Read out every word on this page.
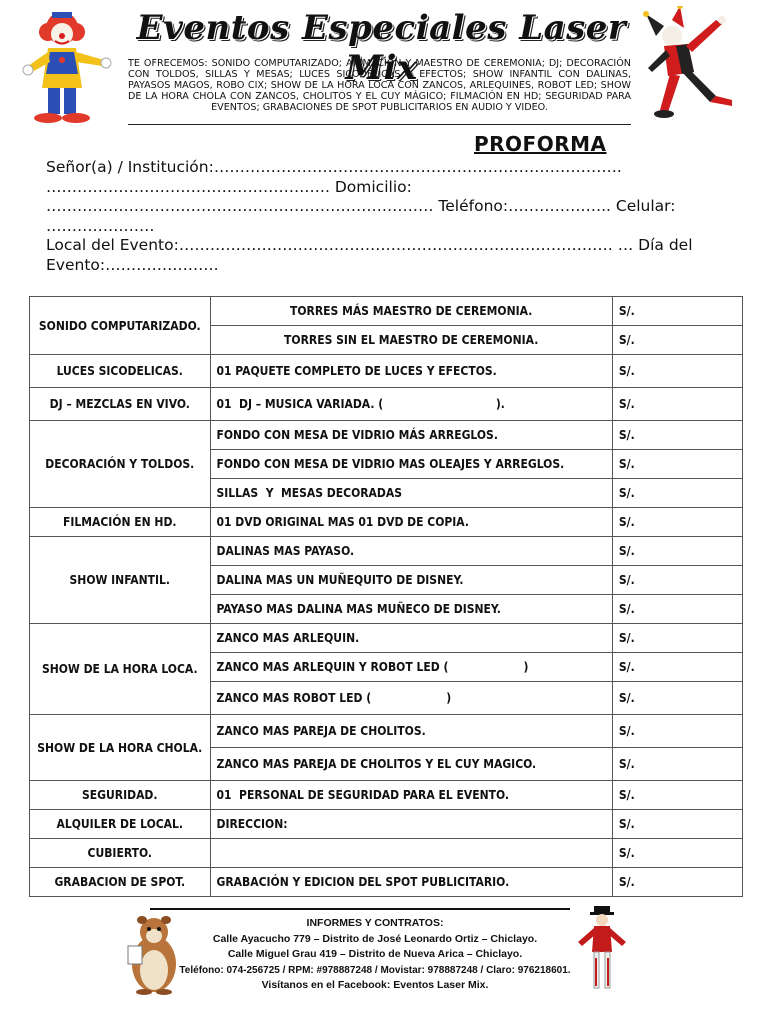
Eventos Especiales Laser Mix
TE OFRECEMOS: SONIDO COMPUTARIZADO; ANIMACIÓN Y MAESTRO DE CEREMONIA; DJ; DECORACIÓN CON TOLDOS, SILLAS Y MESAS; LUCES SICODÉLICAS Y EFECTOS; SHOW INFANTIL CON DALINAS, PAYASOS MAGOS, ROBO CIX; SHOW DE LA HORA LOCA CON ZANCOS, ARLEQUINES, ROBOT LED; SHOW DE LA HORA CHOLA CON ZANCOS, CHOLITOS Y EL CUY MÁGICO; FILMACIÓN EN HD; SEGURIDAD PARA EVENTOS; GRABACIONES DE SPOT PUBLICITARIOS EN AUDIO Y VIDEO.
PROFORMA
Señor(a) / Institución:…………………………………………………………………….
………………………………………………. Domicilio:
………………………………………………………………… Teléfono:……………….. Celular:
…………………
Local del Evento:………………………………………………………………………… … Día del
Evento:………………….
SONIDO COMPUTARIZADO.	TORRES MÁS MAESTRO DE CEREMONIA.	S/.
	TORRES SIN EL MAESTRO DE CEREMONIA.	S/.
LUCES SICODELICAS.	01 PAQUETE COMPLETO DE LUCES Y EFECTOS.	S/.
DJ – MEZCLAS EN VIVO.	01  DJ – MUSICA VARIADA. (                              ).	S/.
DECORACIÓN Y TOLDOS.	FONDO CON MESA DE VIDRIO MÁS ARREGLOS.	S/.
	FONDO CON MESA DE VIDRIO MAS OLEAJES Y ARREGLOS.	S/.
	SILLAS  Y  MESAS DECORADAS	S/.
FILMACIÓN EN HD.	01 DVD ORIGINAL MAS 01 DVD DE COPIA.	S/.
SHOW INFANTIL.	DALINAS MAS PAYASO.	S/.
	DALINA MAS UN MUÑEQUITO DE DISNEY.	S/.
	PAYASO MAS DALINA MAS MUÑECO DE DISNEY.	S/.
SHOW DE LA HORA LOCA.	ZANCO MAS ARLEQUIN.	S/.
	ZANCO MAS ARLEQUIN Y ROBOT LED (                    )	S/.
	ZANCO MAS ROBOT LED (                    )	S/.
SHOW DE LA HORA CHOLA.	ZANCO MAS PAREJA DE CHOLITOS.	S/.
	ZANCO MAS PAREJA DE CHOLITOS Y EL CUY MAGICO.	S/.
SEGURIDAD.	01  PERSONAL DE SEGURIDAD PARA EL EVENTO.	S/.
ALQUILER DE LOCAL.	DIRECCION:	S/.
CUBIERTO.		S/.
GRABACION DE SPOT.	GRABACIÓN Y EDICION DEL SPOT PUBLICITARIO.	S/.
INFORMES Y CONTRATOS:
Calle Ayacucho 779 – Distrito de José Leonardo Ortiz – Chiclayo.
Calle Miguel Grau 419 – Distrito de Nueva Arica – Chiclayo.
Teléfono: 074-256725 / RPM: #978887248 / Movistar: 978887248 / Claro: 976218601.
Visítanos en el Facebook: Eventos Laser Mix.
